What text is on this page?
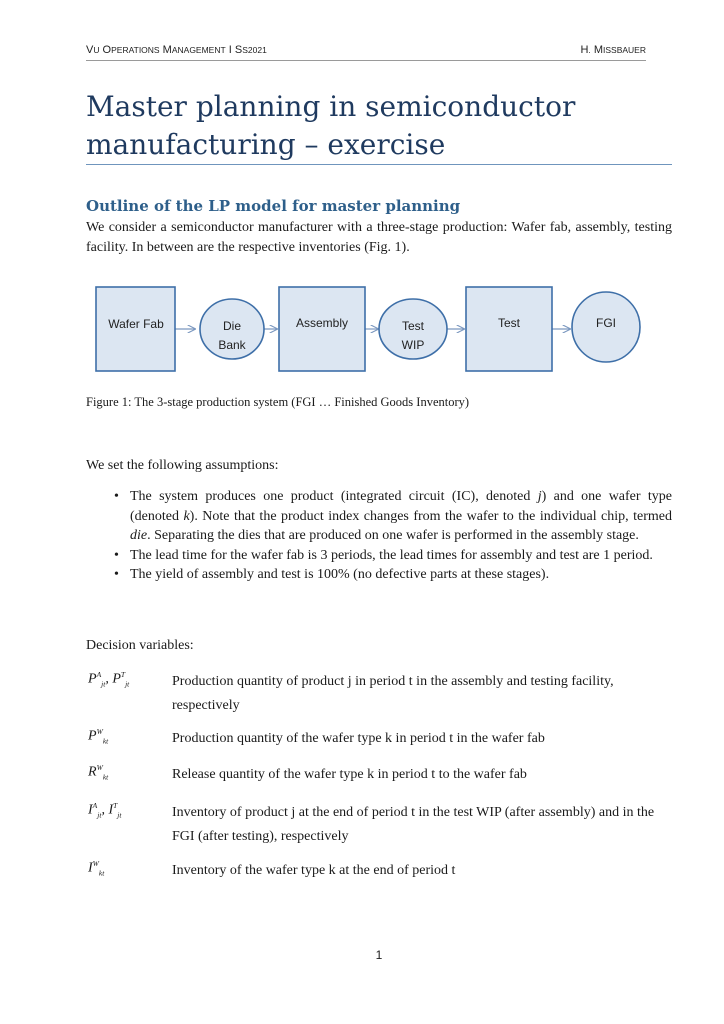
VU OPERATIONS MANAGEMENT I SS2021	H. MISSBAUER
Master planning in semiconductor
manufacturing – exercise
Outline of the LP model for master planning
We consider a semiconductor manufacturer with a three-stage production: Wafer fab, assembly, testing facility. In between are the respective inventories (Fig. 1).
Wafer Fab	Die
Bank
Assembly	Test
WIP
Test	FGI
Figure 1: The 3-stage production system (FGI … Finished Goods Inventory)
We set the following assumptions:
• The system produces one product (integrated circuit (IC), denoted j) and one wafer type (denoted k). Note that the product index changes from the wafer to the individual chip, termed die. Separating the dies that are produced on one wafer is performed in the assembly stage.
• The lead time for the wafer fab is 3 periods, the lead times for assembly and test are 1 period.
• The yield of assembly and test is 100% (no defective parts at these stages).
Decision variables:
$P^A_{jt}$, $P^T_{jt}$	Production quantity of product j in period t in the assembly and testing facility, respectively
$P^W_{kt}$	Production quantity of the wafer type k in period t in the wafer fab
$R^W_{kt}$	Release quantity of the wafer type k in period t to the wafer fab
$I^A_{jt}$, $I^T_{jt}$	Inventory of product j at the end of period t in the test WIP (after assembly) and in the FGI (after testing), respectively
$I^W_{kt}$	Inventory of the wafer type k at the end of period t
1
